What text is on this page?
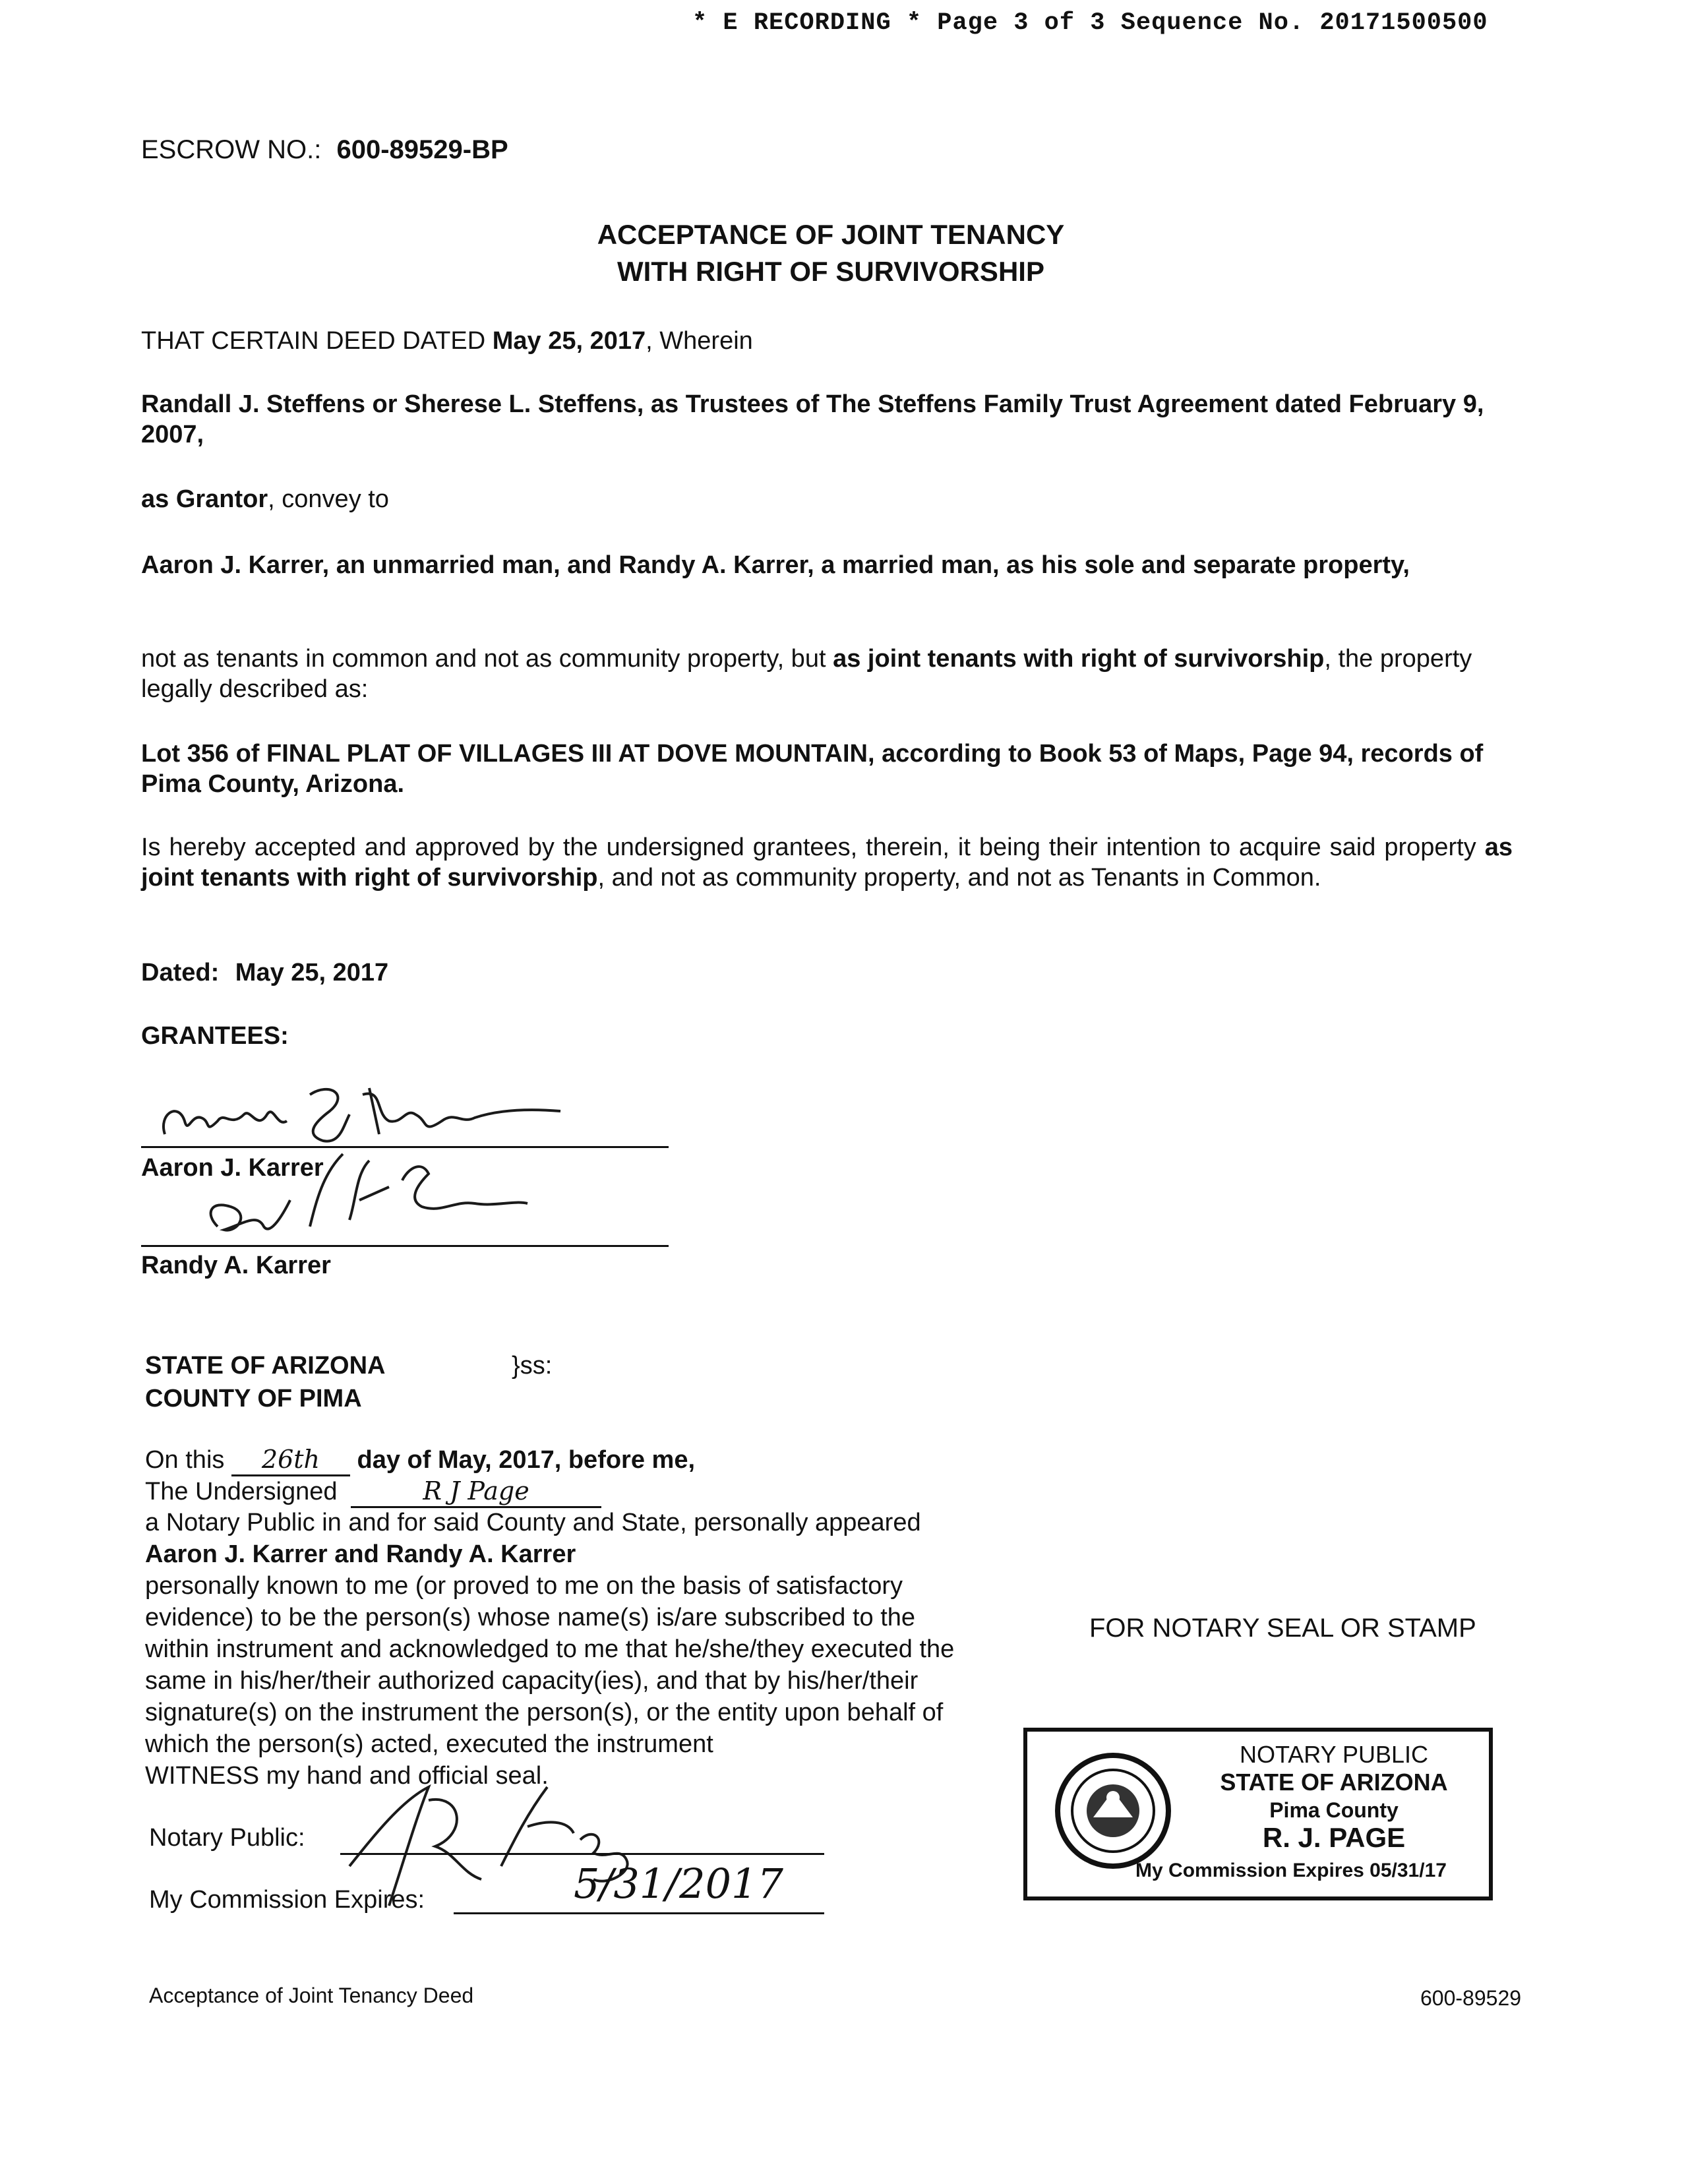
* E RECORDING * Page 3 of 3 Sequence No. 20171500500
ESCROW NO.: 600-89529-BP
ACCEPTANCE OF JOINT TENANCY
WITH RIGHT OF SURVIVORSHIP
THAT CERTAIN DEED DATED May 25, 2017, Wherein
Randall J. Steffens or Sherese L. Steffens, as Trustees of The Steffens Family Trust Agreement dated February 9, 2007,
as Grantor, convey to
Aaron J. Karrer, an unmarried man, and Randy A. Karrer, a married man, as his sole and separate property,
not as tenants in common and not as community property, but as joint tenants with right of survivorship, the property legally described as:
Lot 356 of FINAL PLAT OF VILLAGES III AT DOVE MOUNTAIN, according to Book 53 of Maps, Page 94, records of Pima County, Arizona.
Is hereby accepted and approved by the undersigned grantees, therein, it being their intention to acquire said property as joint tenants with right of survivorship, and not as community property, and not as Tenants in Common.
Dated: May 25, 2017
GRANTEES:
Aaron J. Karrer
Randy A. Karrer
STATE OF ARIZONA
COUNTY OF PIMA
}ss:
On this 26th day of May, 2017, before me,
The Undersigned	R J Page
a Notary Public in and for said County and State, personally appeared
Aaron J. Karrer and Randy A. Karrer
personally known to me (or proved to me on the basis of satisfactory
evidence) to be the person(s) whose name(s) is/are subscribed to the
within instrument and acknowledged to me that he/she/they executed the
same in his/her/their authorized capacity(ies), and that by his/her/their
signature(s) on the instrument the person(s), or the entity upon behalf of
which the person(s) acted, executed the instrument
WITNESS my hand and official seal.
Notary Public:
My Commission Expires:	5/31/2017
FOR NOTARY SEAL OR STAMP
NOTARY PUBLIC
STATE OF ARIZONA
Pima County
R. J. PAGE
My Commission Expires 05/31/17
Acceptance of Joint Tenancy Deed	600-89529
